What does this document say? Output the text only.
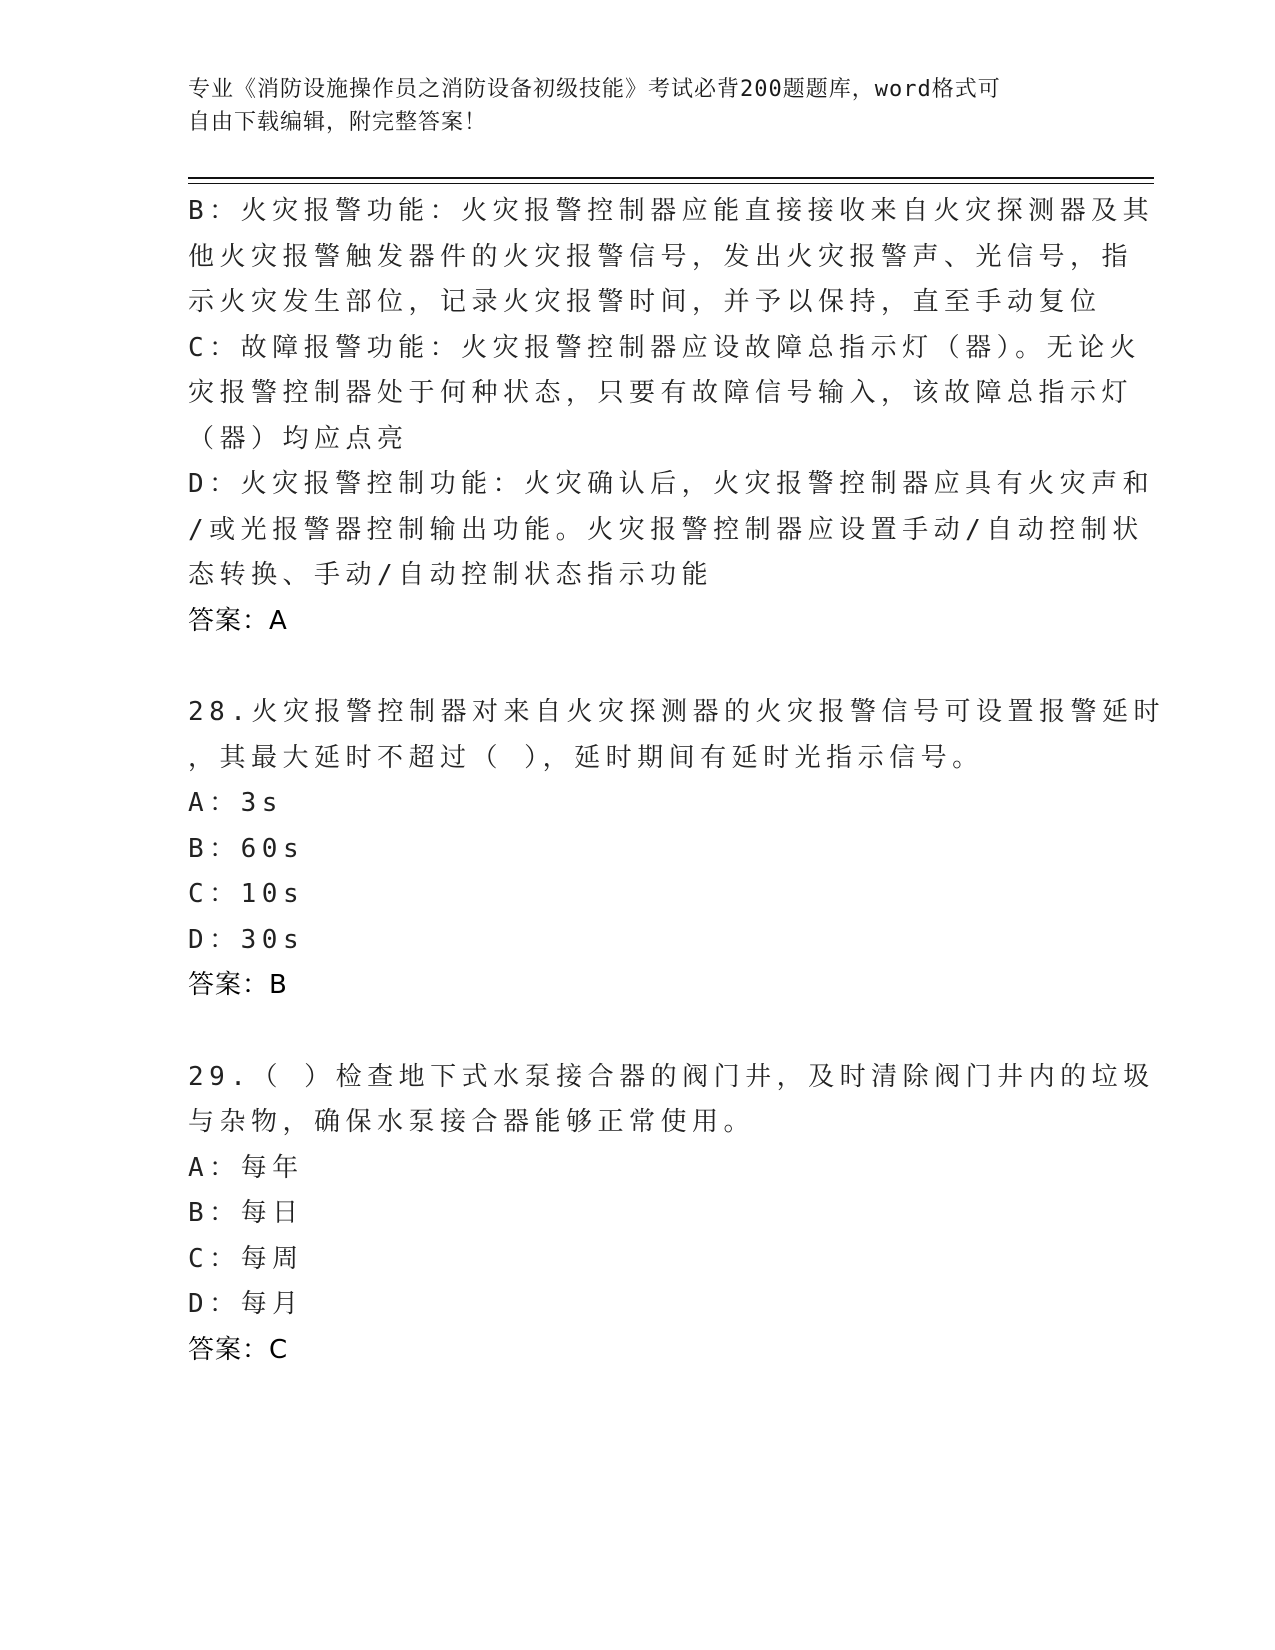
专业《消防设施操作员之消防设备初级技能》考试必背200题题库，word格式可
自由下载编辑，附完整答案！
B：火灾报警功能：火灾报警控制器应能直接接收来自火灾探测器及其
他火灾报警触发器件的火灾报警信号，发出火灾报警声、光信号，指
示火灾发生部位，记录火灾报警时间，并予以保持，直至手动复位
C：故障报警功能：火灾报警控制器应设故障总指示灯（器）。无论火
灾报警控制器处于何种状态，只要有故障信号输入，该故障总指示灯
（器）均应点亮
D：火灾报警控制功能：火灾确认后，火灾报警控制器应具有火灾声和
/或光报警器控制输出功能。火灾报警控制器应设置手动/自动控制状
态转换、手动/自动控制状态指示功能
答案：A
28.火灾报警控制器对来自火灾探测器的火灾报警信号可设置报警延时
，其最大延时不超过（ ），延时期间有延时光指示信号。
A：3s
B：60s
C：10s
D：30s
答案：B
29.（ ）检查地下式水泵接合器的阀门井，及时清除阀门井内的垃圾
与杂物，确保水泵接合器能够正常使用。
A：每年
B：每日
C：每周
D：每月
答案：C
